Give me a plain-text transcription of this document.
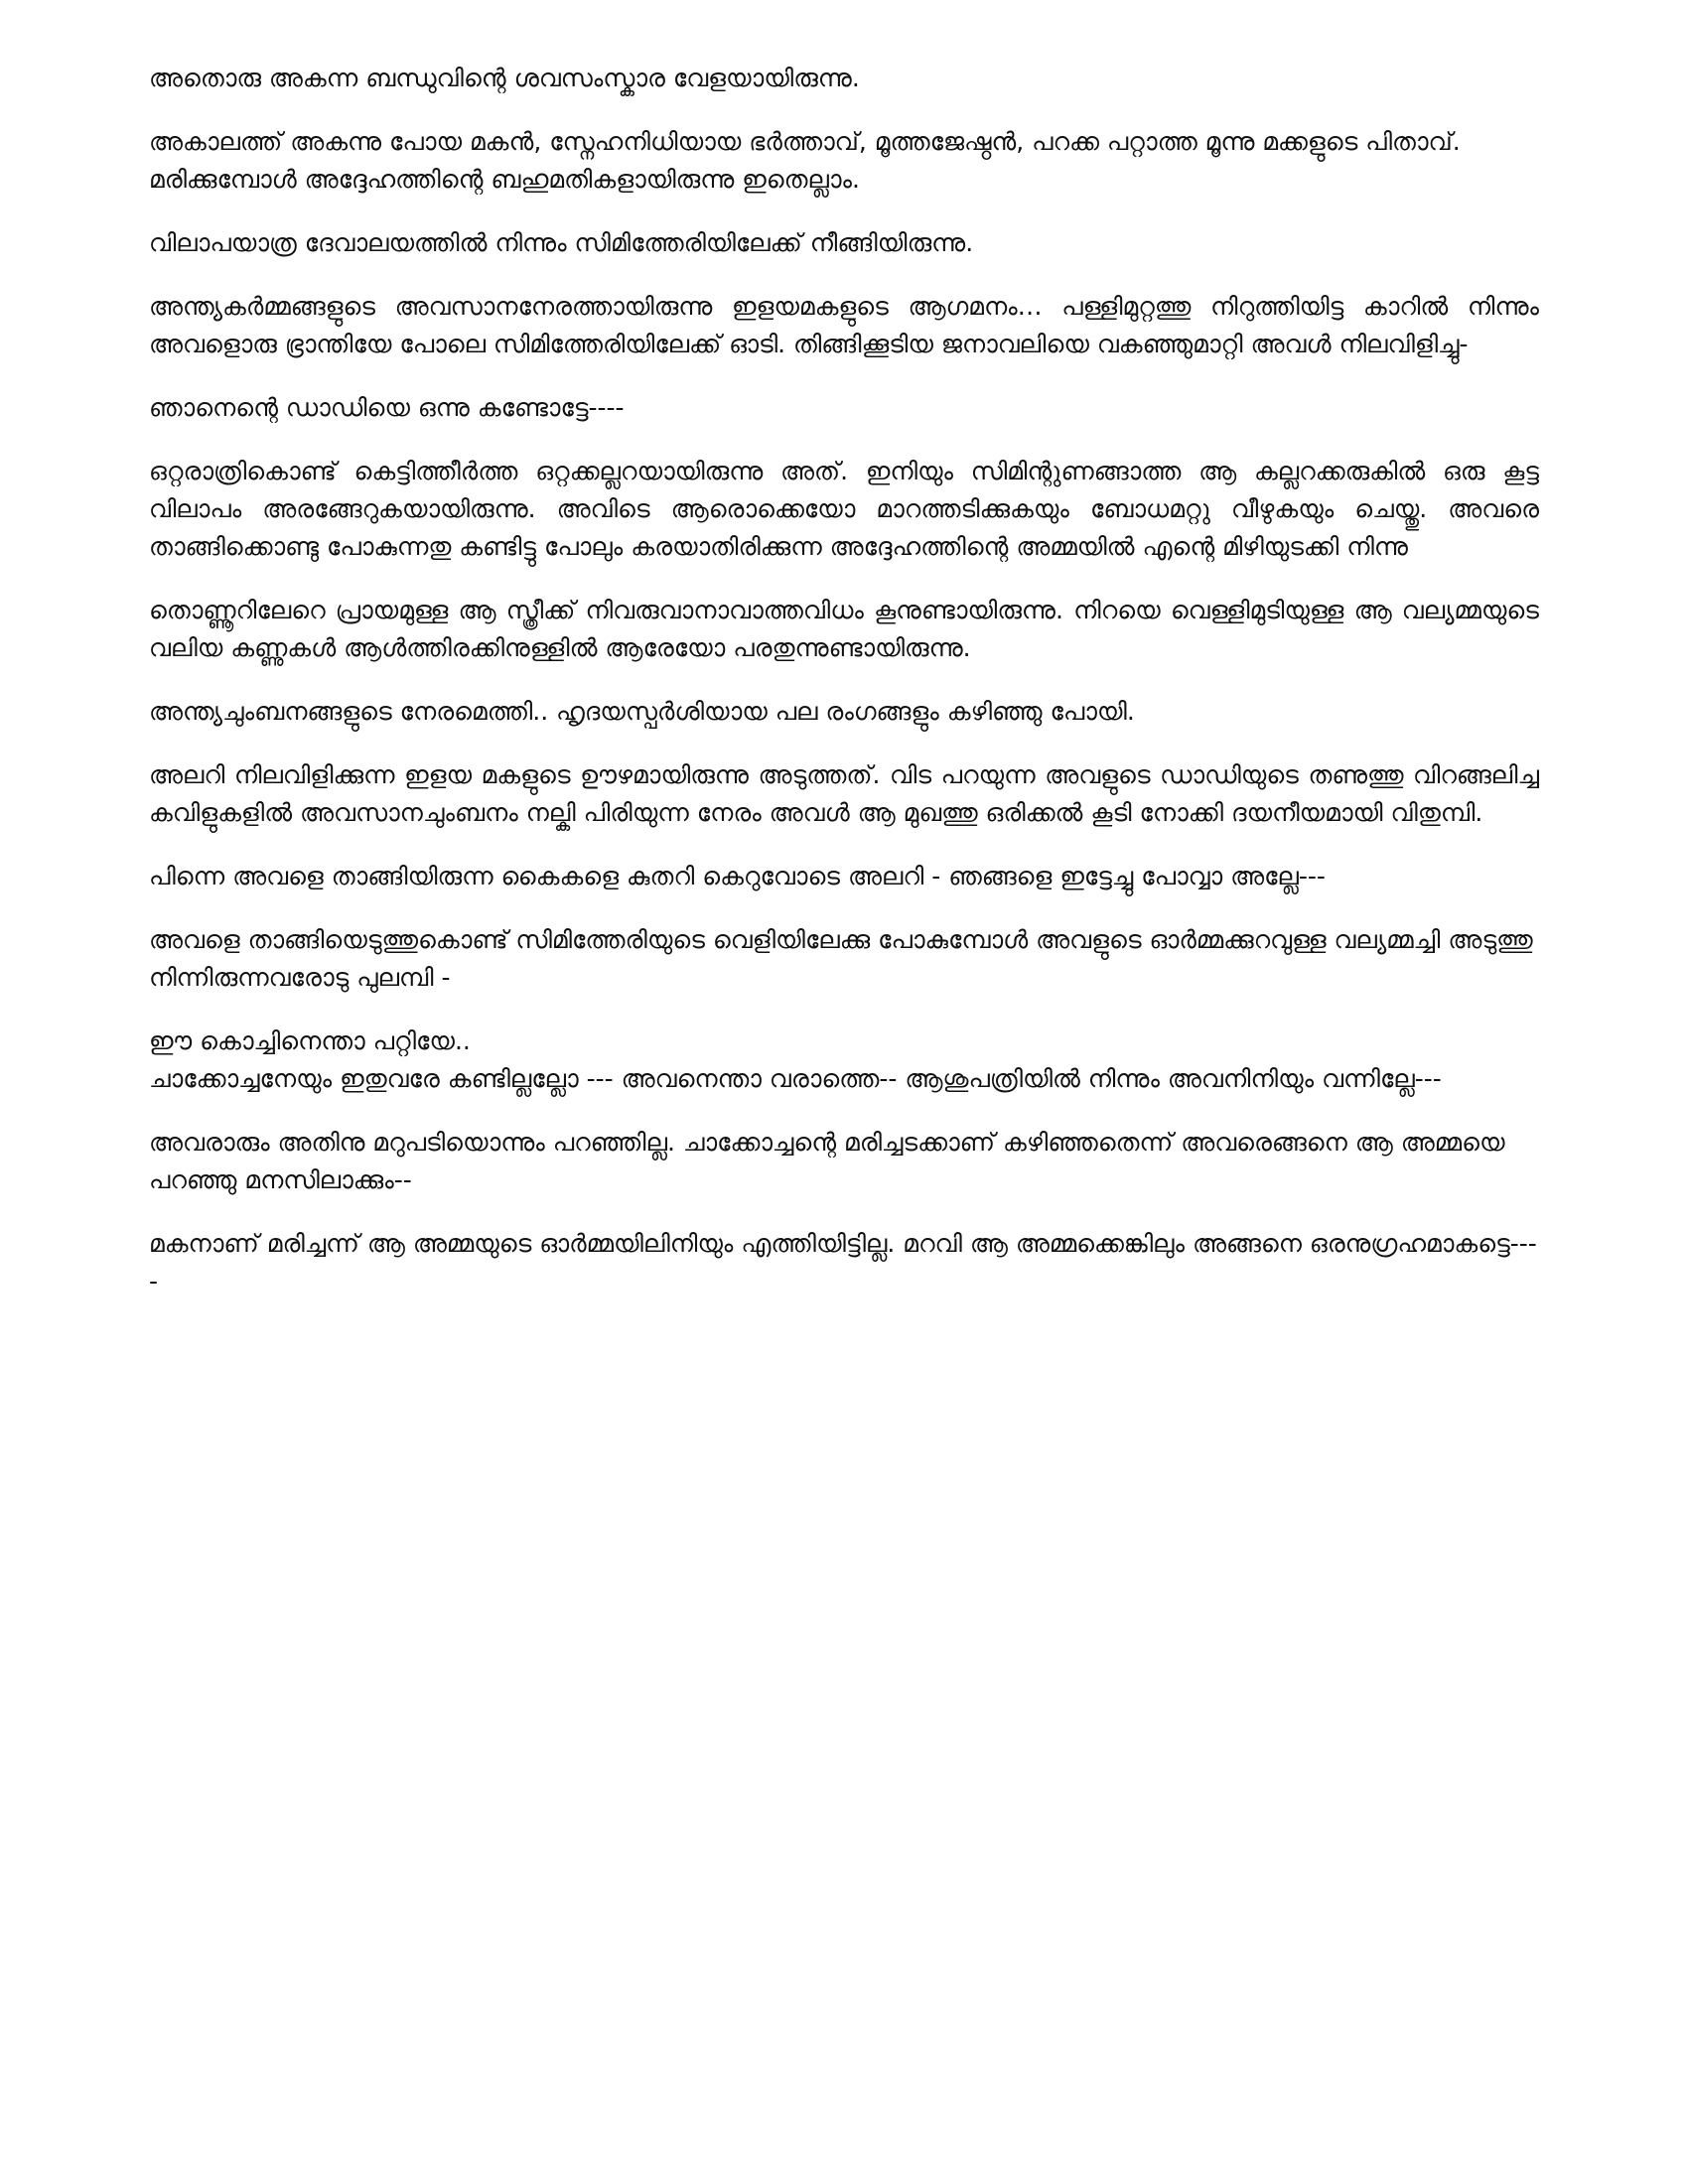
അതൊരു അകന്ന ബന്ധുവിന്റെ ശവസംസ്കാര വേളയായിരുന്നു.

അകാലത്ത് അകന്നു പോയ മകൻ, സ്നേഹനിധിയായ ഭർത്താവ്, മൂത്തജേഷ്ഠൻ, പറക്ക പറ്റാത്ത മൂന്നു മക്കളുടെ പിതാവ്. മരിക്കുമ്പോൾ അദ്ദേഹത്തിന്റെ ബഹുമതികളായിരുന്നു ഇതെല്ലാം.

വിലാപയാത്ര ദേവാലയത്തിൽ നിന്നും സിമിത്തേരിയിലേക്ക് നീങ്ങിയിരുന്നു.

അന്ത്യകർമ്മങ്ങളുടെ അവസാനനേരത്തായിരുന്നു ഇളയമകളുടെ ആഗമനം… പള്ളിമുറ്റത്തു നിറുത്തിയിട്ട കാറിൽ നിന്നും അവളൊരു ഭ്രാന്തിയേ പോലെ സിമിത്തേരിയിലേക്ക് ഓടി. തിങ്ങിക്കൂടിയ ജനാവലിയെ വകഞ്ഞുമാറ്റി അവൾ നിലവിളിച്ചു-

ഞാനെന്റെ ഡാഡിയെ ഒന്നു കണ്ടോട്ടേ----

ഒറ്റരാത്രികൊണ്ട് കെട്ടിത്തീർത്ത ഒറ്റക്കല്ലറയായിരുന്നു അത്. ഇനിയും സിമിന്റുണങ്ങാത്ത ആ കല്ലറക്കരുകിൽ ഒരു കൂട്ട വിലാപം അരങ്ങേറുകയായിരുന്നു. അവിടെ ആരൊക്കെയോ മാറത്തടിക്കുകയും ബോധമറ്റു വീഴുകയും ചെയ്തു. അവരെ താങ്ങിക്കൊണ്ടു പോകുന്നതു കണ്ടിട്ടു പോലും കരയാതിരിക്കുന്ന അദ്ദേഹത്തിന്റെ അമ്മയിൽ എന്റെ മിഴിയുടക്കി നിന്നു

തൊണ്ണൂറിലേറെ പ്രായമുള്ള ആ സ്ത്രീക്ക് നിവരുവാനാവാത്തവിധം കൂനുണ്ടായിരുന്നു. നിറയെ വെള്ളിമുടിയുള്ള ആ വല്യമ്മയുടെ വലിയ കണ്ണുകൾ ആൾത്തിരക്കിനുള്ളിൽ ആരേയോ പരതുന്നുണ്ടായിരുന്നു.

അന്ത്യചുംബനങ്ങളുടെ നേരമെത്തി.. ഹൃദയസ്പർശിയായ പല രംഗങ്ങളും കഴിഞ്ഞു പോയി.

അലറി നിലവിളിക്കുന്ന ഇളയ മകളുടെ ഊഴമായിരുന്നു അടുത്തത്. വിട പറയുന്ന അവളുടെ ഡാഡിയുടെ തണുത്തു വിറങ്ങലിച്ച കവിളുകളിൽ അവസാനചുംബനം നല്കി പിരിയുന്ന നേരം അവൾ ആ മുഖത്തു ഒരിക്കൽ കൂടി നോക്കി ദയനീയമായി വിതുമ്പി.

പിന്നെ അവളെ താങ്ങിയിരുന്ന കൈകളെ കുതറി കെറുവോടെ അലറി - ഞങ്ങളെ ഇട്ടേച്ചു പോവ്വാ അല്ലേ---

അവളെ താങ്ങിയെടുത്തുകൊണ്ട് സിമിത്തേരിയുടെ വെളിയിലേക്കു പോകുമ്പോൾ അവളുടെ ഓർമ്മക്കുറവുള്ള വല്യമ്മച്ചി അടുത്തു നിന്നിരുന്നവരോടു പുലമ്പി -

ഈ കൊച്ചിനെന്താ പറ്റിയേ..

ചാക്കോച്ചനേയും ഇതുവരേ കണ്ടില്ലല്ലോ --- അവനെന്താ വരാത്തെ-- ആശുപത്രിയിൽ നിന്നും അവനിനിയും വന്നില്ലേ---

അവരാരും അതിനു മറുപടിയൊന്നും പറഞ്ഞില്ല. ചാക്കോച്ചന്റെ മരിച്ചടക്കാണ് കഴിഞ്ഞതെന്ന് അവരെങ്ങനെ ആ അമ്മയെ പറഞ്ഞു മനസിലാക്കും--

മകനാണ് മരിച്ചന്ന് ആ അമ്മയുടെ ഓർമ്മയിലിനിയും എത്തിയിട്ടില്ല. മറവി ആ അമ്മക്കെങ്കിലും അങ്ങനെ ഒരനുഗ്രഹമാകട്ടെ----
